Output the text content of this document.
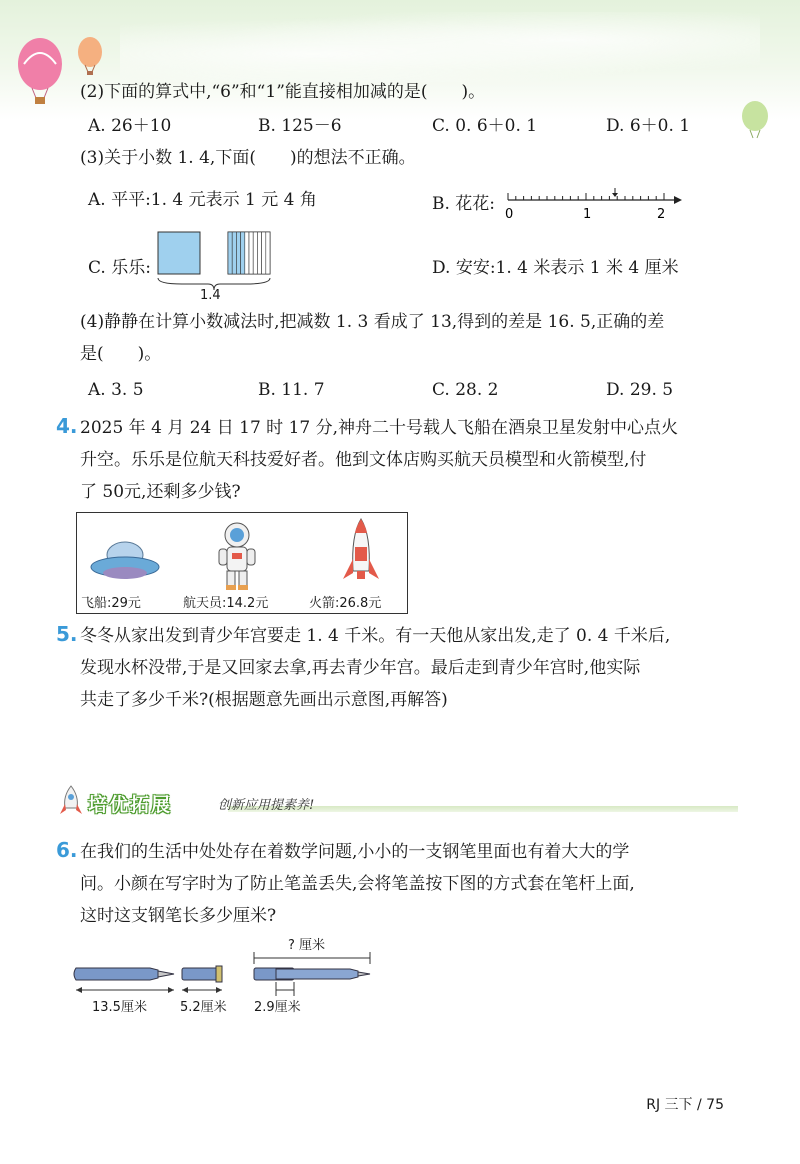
(2)下面的算式中,“6”和“1”能直接相加减的是(　　)。
A. 26＋10	B. 125－6	C. 0. 6＋0. 1	D. 6＋0. 1
(3)关于小数 1. 4,下面(　　)的想法不正确。
A. 平平:1. 4 元表示 1 元 4 角	B. 花花:
0	1	2
C. 乐乐:
1.4
D. 安安:1. 4 米表示 1 米 4 厘米
(4)静静在计算小数减法时,把减数 1. 3 看成了 13,得到的差是 16. 5,正确的差
是(　　)。
A. 3. 5	B. 11. 7	C. 28. 2	D. 29. 5
4. 2025 年 4 月 24 日 17 时 17 分,神舟二十号载人飞船在酒泉卫星发射中心点火
升空。乐乐是位航天科技爱好者。他到文体店购买航天员模型和火箭模型,付
了 50元,还剩多少钱?
飞船:29元	航天员:14.2元	火箭:26.8元
5. 冬冬从家出发到青少年宫要走 1. 4 千米。有一天他从家出发,走了 0. 4 千米后,
发现水杯没带,于是又回家去拿,再去青少年宫。最后走到青少年宫时,他实际
共走了多少千米?(根据题意先画出示意图,再解答)
培优拓展	创新应用提素养!
6. 在我们的生活中处处存在着数学问题,小小的一支钢笔里面也有着大大的学
问。小颜在写字时为了防止笔盖丢失,会将笔盖按下图的方式套在笔杆上面,
这时这支钢笔长多少厘米?
? 厘米
13.5厘米	5.2厘米 2.9厘米
RJ 三下 / 75
